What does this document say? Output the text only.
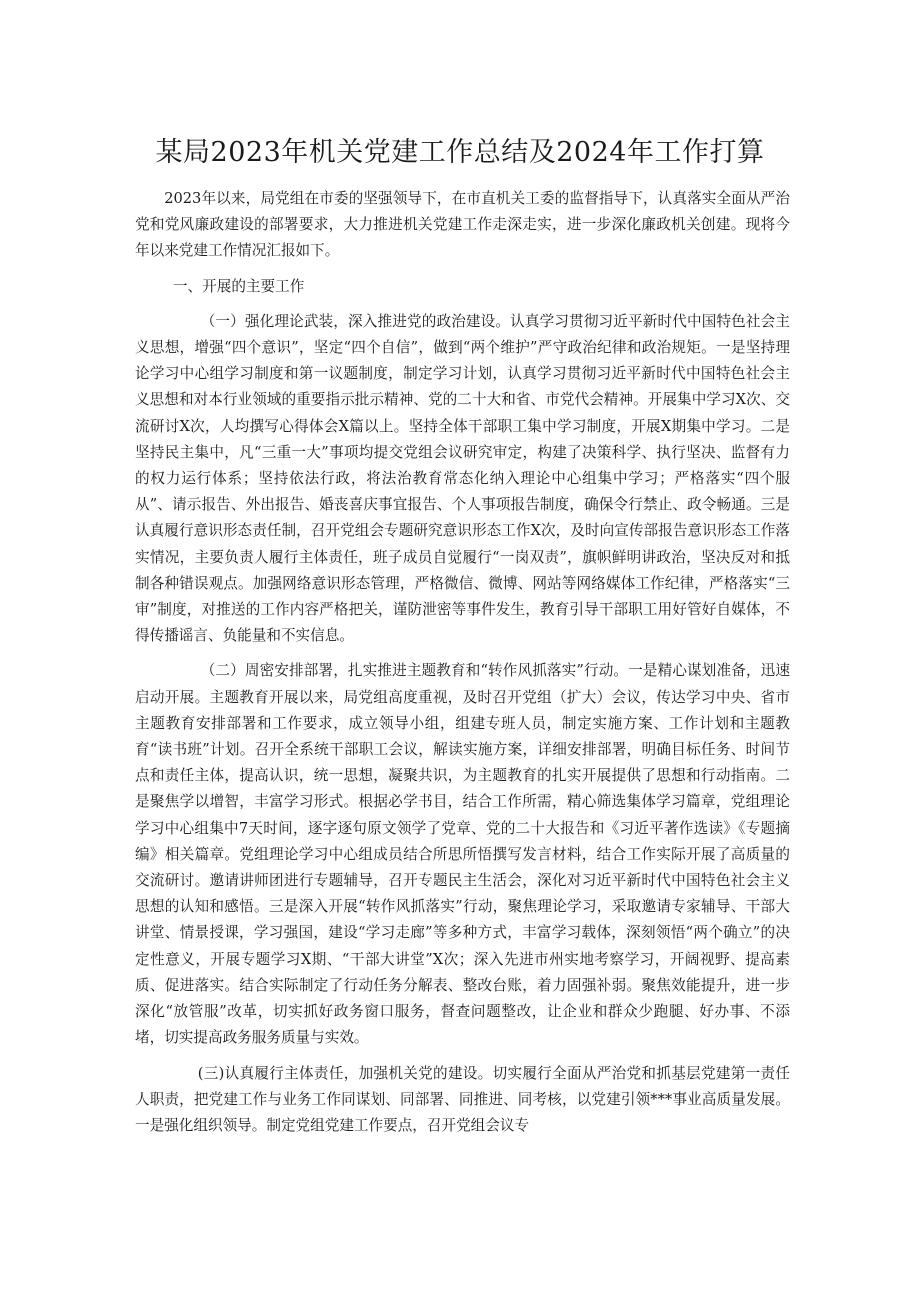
某局2023年机关党建工作总结及2024年工作打算

2023年以来，局党组在市委的坚强领导下，在市直机关工委的监督指导下，认真落实全面从严治党和党风廉政建设的部署要求，大力推进机关党建工作走深走实，进一步深化廉政机关创建。现将今年以来党建工作情况汇报如下。

一、开展的主要工作

（一）强化理论武装，深入推进党的政治建设。认真学习贯彻习近平新时代中国特色社会主义思想，增强“四个意识”，坚定“四个自信”，做到“两个维护”严守政治纪律和政治规矩。一是坚持理论学习中心组学习制度和第一议题制度，制定学习计划，认真学习贯彻习近平新时代中国特色社会主义思想和对本行业领域的重要指示批示精神、党的二十大和省、市党代会精神。开展集中学习X次、交流研讨X次，人均撰写心得体会X篇以上。坚持全体干部职工集中学习制度，开展X期集中学习。二是坚持民主集中，凡“三重一大”事项均提交党组会议研究审定，构建了决策科学、执行坚决、监督有力的权力运行体系；坚持依法行政，将法治教育常态化纳入理论中心组集中学习；严格落实“四个服从”、请示报告、外出报告、婚丧喜庆事宜报告、个人事项报告制度，确保令行禁止、政令畅通。三是认真履行意识形态责任制，召开党组会专题研究意识形态工作X次，及时向宣传部报告意识形态工作落实情况，主要负责人履行主体责任，班子成员自觉履行“一岗双责”，旗帜鲜明讲政治，坚决反对和抵制各种错误观点。加强网络意识形态管理，严格微信、微博、网站等网络媒体工作纪律，严格落实“三审”制度，对推送的工作内容严格把关，谨防泄密等事件发生，教育引导干部职工用好管好自媒体，不得传播谣言、负能量和不实信息。

（二）周密安排部署，扎实推进主题教育和“转作风抓落实”行动。一是精心谋划准备，迅速启动开展。主题教育开展以来，局党组高度重视，及时召开党组（扩大）会议，传达学习中央、省市主题教育安排部署和工作要求，成立领导小组，组建专班人员，制定实施方案、工作计划和主题教育“读书班”计划。召开全系统干部职工会议，解读实施方案，详细安排部署，明确目标任务、时间节点和责任主体，提高认识，统一思想，凝聚共识，为主题教育的扎实开展提供了思想和行动指南。二是聚焦学以增智，丰富学习形式。根据必学书目，结合工作所需，精心筛选集体学习篇章，党组理论学习中心组集中7天时间，逐字逐句原文领学了党章、党的二十大报告和《习近平著作选读》《专题摘编》相关篇章。党组理论学习中心组成员结合所思所悟撰写发言材料，结合工作实际开展了高质量的交流研讨。邀请讲师团进行专题辅导，召开专题民主生活会，深化对习近平新时代中国特色社会主义思想的认知和感悟。三是深入开展“转作风抓落实”行动，聚焦理论学习，采取邀请专家辅导、干部大讲堂、情景授课，学习强国，建设“学习走廊”等多种方式，丰富学习载体，深刻领悟“两个确立”的决定性意义，开展专题学习X期、“干部大讲堂”X次；深入先进市州实地考察学习，开阔视野、提高素质、促进落实。结合实际制定了行动任务分解表、整改台账，着力固强补弱。聚焦效能提升，进一步深化“放管服”改革，切实抓好政务窗口服务，督查问题整改，让企业和群众少跑腿、好办事、不添堵，切实提高政务服务质量与实效。

(三)认真履行主体责任，加强机关党的建设。切实履行全面从严治党和抓基层党建第一责任人职责，把党建工作与业务工作同谋划、同部署、同推进、同考核，以党建引领***事业高质量发展。一是强化组织领导。制定党组党建工作要点，召开党组会议专
